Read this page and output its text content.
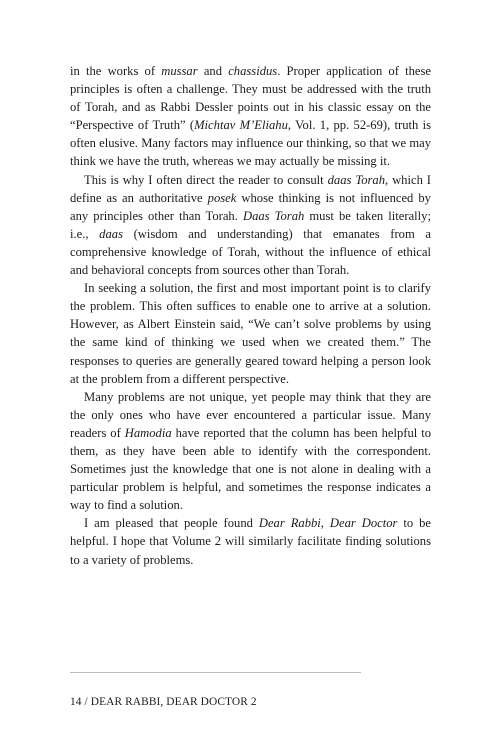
in the works of mussar and chassidus. Proper application of these principles is often a challenge. They must be addressed with the truth of Torah, and as Rabbi Dessler points out in his classic essay on the “Perspective of Truth” (Michtav M’Eliahu, Vol. 1, pp. 52-69), truth is often elusive. Many factors may influence our thinking, so that we may think we have the truth, whereas we may actually be missing it.

This is why I often direct the reader to consult daas Torah, which I define as an authoritative posek whose thinking is not influenced by any principles other than Torah. Daas Torah must be taken literally; i.e., daas (wisdom and understanding) that emanates from a comprehensive knowledge of Torah, without the influence of ethical and behavioral concepts from sources other than Torah.

In seeking a solution, the first and most important point is to clarify the problem. This often suffices to enable one to arrive at a solution. However, as Albert Einstein said, “We can’t solve problems by using the same kind of thinking we used when we created them.” The responses to queries are generally geared toward helping a person look at the problem from a different perspective.

Many problems are not unique, yet people may think that they are the only ones who have ever encountered a particular issue. Many readers of Hamodia have reported that the column has been helpful to them, as they have been able to identify with the correspondent. Sometimes just the knowledge that one is not alone in dealing with a particular problem is helpful, and sometimes the response indicates a way to find a solution.

I am pleased that people found Dear Rabbi, Dear Doctor to be helpful. I hope that Volume 2 will similarly facilitate finding solutions to a variety of problems.

14 / DEAR RABBI, DEAR DOCTOR 2
